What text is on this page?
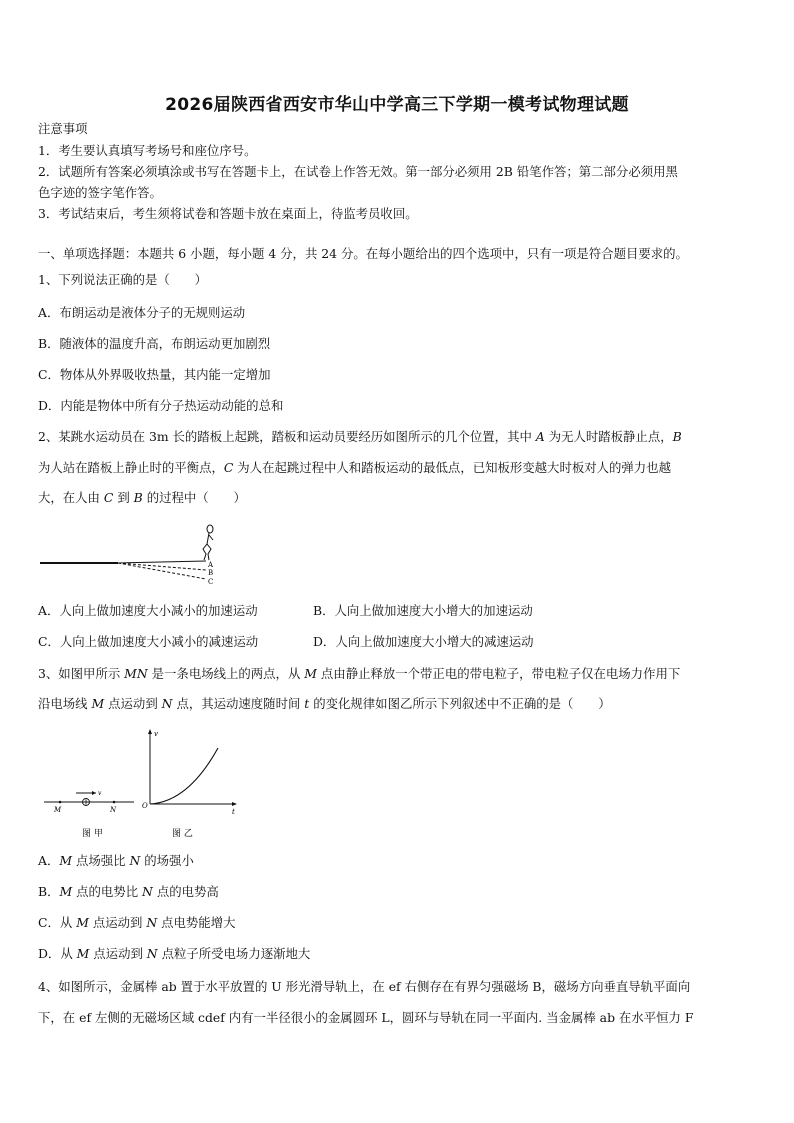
2026届陕西省西安市华山中学高三下学期一模考试物理试题
注意事项
1．考生要认真填写考场号和座位序号。
2．试题所有答案必须填涂或书写在答题卡上，在试卷上作答无效。第一部分必须用 2B 铅笔作答；第二部分必须用黑
色字迹的签字笔作答。
3．考试结束后，考生须将试卷和答题卡放在桌面上，待监考员收回。
一、单项选择题：本题共 6 小题，每小题 4 分，共 24 分。在每小题给出的四个选项中，只有一项是符合题目要求的。
1、下列说法正确的是（　　）
A．布朗运动是液体分子的无规则运动
B．随液体的温度升高，布朗运动更加剧烈
C．物体从外界吸收热量，其内能一定增加
D．内能是物体中所有分子热运动动能的总和
2、某跳水运动员在 3m 长的踏板上起跳，踏板和运动员要经历如图所示的几个位置，其中 A 为无人时踏板静止点，B
为人站在踏板上静止时的平衡点，C 为人在起跳过程中人和踏板运动的最低点，已知板形变越大时板对人的弹力也越
大，在人由 C 到 B 的过程中（　　）
A
B
C
A．人向上做加速度大小减小的加速运动	B．人向上做加速度大小增大的加速运动
C．人向上做加速度大小减小的减速运动	D．人向上做加速度大小增大的减速运动
3、如图甲所示 MN 是一条电场线上的两点，从 M 点由静止释放一个带正电的带电粒子，带电粒子仅在电场力作用下
沿电场线 M 点运动到 N 点，其运动速度随时间 t 的变化规律如图乙所示下列叙述中不正确的是（　　）
v
M	N
图 甲
v
O
t
图 乙
A．M 点场强比 N 的场强小
B．M 点的电势比 N 点的电势高
C．从 M 点运动到 N 点电势能增大
D．从 M 点运动到 N 点粒子所受电场力逐渐地大
4、如图所示，金属棒 ab 置于水平放置的 U 形光滑导轨上，在 ef 右侧存在有界匀强磁场 B，磁场方向垂直导轨平面向
下，在 ef 左侧的无磁场区域 cdef 内有一半径很小的金属圆环 L，圆环与导轨在同一平面内. 当金属棒 ab 在水平恒力 F
